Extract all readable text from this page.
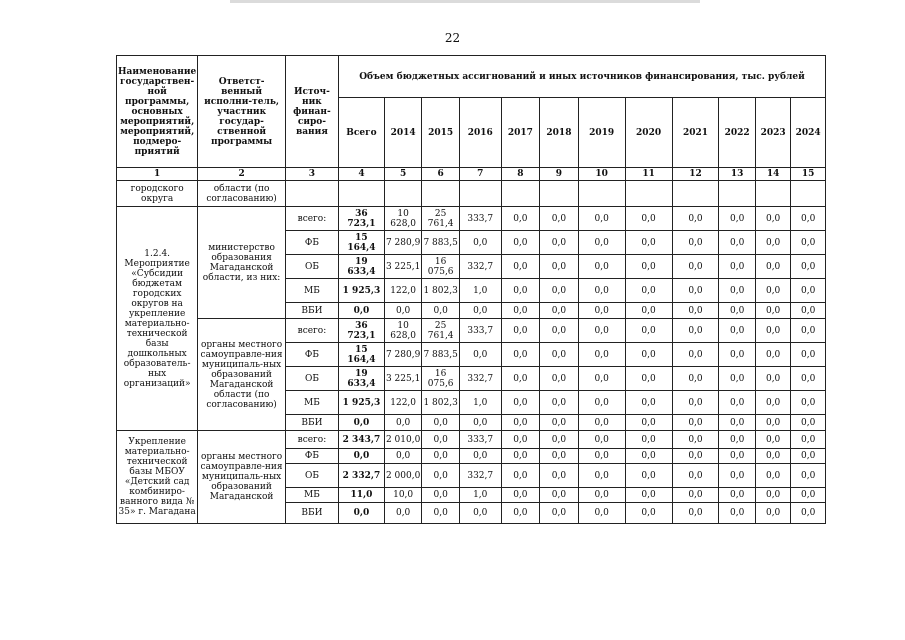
22
Наименование государствен-ной программы, основных мероприятий, мероприятий, подмеро-приятий	Ответст-венный исполни-тель, участник государ-ственной программы	Источ-ник финан-сиро-вания	Объем бюджетных ассигнований и иных источников финансирования, тыс. рублей											
			Всего	2014	2015	2016	2017	2018	2019	2020	2021	2022	2023	2024
1	2	3	4	5	6	7	8	9	10	11	12	13	14	15
городского округа	области (по согласованию)													
1.2.4. Мероприятие «Субсидии бюджетам городских округов на укрепление материально-технической базы дошкольных образователь-ных организаций»	министерство образования Магаданской области, из них:	всего:	36 723,1	10 628,0	25 761,4	333,7	0,0	0,0	0,0	0,0	0,0	0,0	0,0	0,0
		ФБ	15 164,4	7 280,9	7 883,5	0,0	0,0	0,0	0,0	0,0	0,0	0,0	0,0	0,0
		ОБ	19 633,4	3 225,1	16 075,6	332,7	0,0	0,0	0,0	0,0	0,0	0,0	0,0	0,0
		МБ	1 925,3	122,0	1 802,3	1,0	0,0	0,0	0,0	0,0	0,0	0,0	0,0	0,0
		ВБИ	0,0	0,0	0,0	0,0	0,0	0,0	0,0	0,0	0,0	0,0	0,0	0,0
	органы местного самоуправле-ния муниципаль-ных образований Магаданской области (по согласованию)	всего:	36 723,1	10 628,0	25 761,4	333,7	0,0	0,0	0,0	0,0	0,0	0,0	0,0	0,0
		ФБ	15 164,4	7 280,9	7 883,5	0,0	0,0	0,0	0,0	0,0	0,0	0,0	0,0	0,0
		ОБ	19 633,4	3 225,1	16 075,6	332,7	0,0	0,0	0,0	0,0	0,0	0,0	0,0	0,0
		МБ	1 925,3	122,0	1 802,3	1,0	0,0	0,0	0,0	0,0	0,0	0,0	0,0	0,0
		ВБИ	0,0	0,0	0,0	0,0	0,0	0,0	0,0	0,0	0,0	0,0	0,0	0,0
Укрепление материально-технической базы МБОУ «Детский сад комбиниро-ванного вида № 35» г. Магадана	органы местного самоуправле-ния муниципаль-ных образований Магаданской	всего:	2 343,7	2 010,0	0,0	333,7	0,0	0,0	0,0	0,0	0,0	0,0	0,0	0,0
		ФБ	0,0	0,0	0,0	0,0	0,0	0,0	0,0	0,0	0,0	0,0	0,0	0,0
		ОБ	2 332,7	2 000,0	0,0	332,7	0,0	0,0	0,0	0,0	0,0	0,0	0,0	0,0
		МБ	11,0	10,0	0,0	1,0	0,0	0,0	0,0	0,0	0,0	0,0	0,0	0,0
		ВБИ	0,0	0,0	0,0	0,0	0,0	0,0	0,0	0,0	0,0	0,0	0,0	0,0
